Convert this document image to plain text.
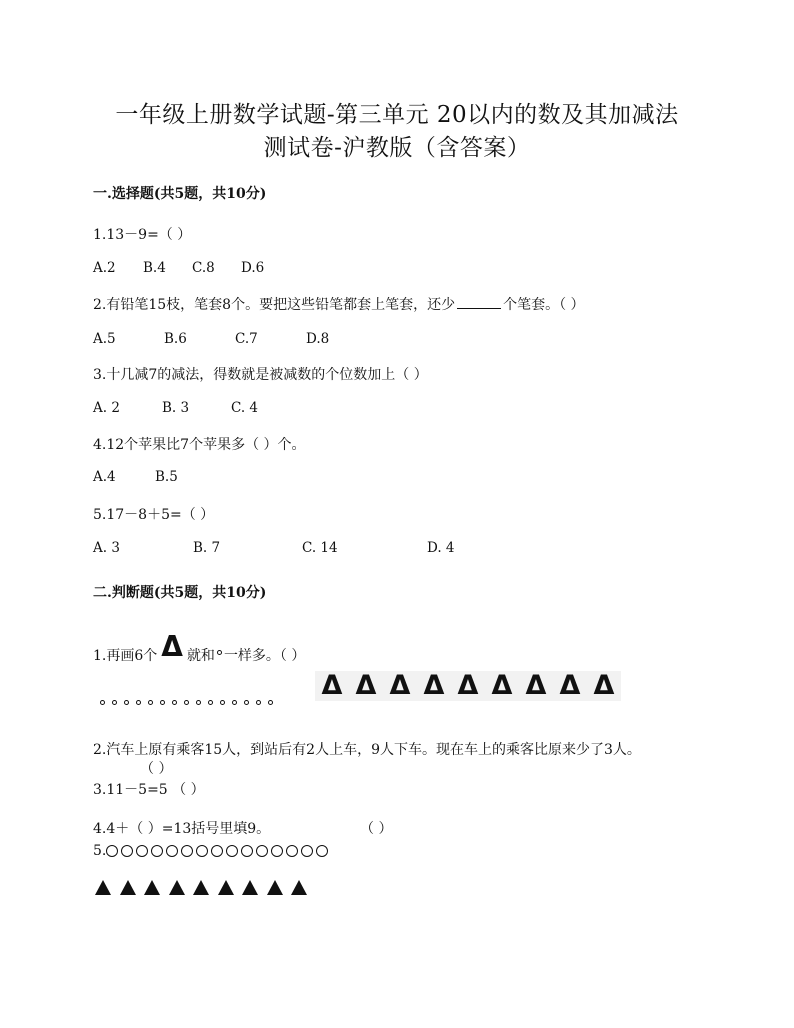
一年级上册数学试题-第三单元 20以内的数及其加减法
测试卷-沪教版（含答案）
一.选择题(共5题，共10分)
1.13－9=（ ）
A.2 B.4 C.8 D.6
2.有铅笔15枝，笔套8个。要把这些铅笔都套上笔套，还少	个笔套。（ ）
A.5	B.6	C.7	D.8
3.十几减7的减法，得数就是被减数的个位数加上（ ）
A. 2	B. 3	C. 4
4.12个苹果比7个苹果多（ ）个。
A.4	B.5
5.17－8＋5=（ ）
A. 3	B. 7	C. 14	D. 4
二.判断题(共5题，共10分)
1.再画6个 Δ 就和 一样多。（ ）
Δ Δ Δ Δ Δ Δ Δ Δ Δ
2.汽车上原有乘客15人，到站后有2人上车，9人下车。现在车上的乘客比原来少了3人。
（ ）
3.11－5=5 （ ）
4.4＋（ ）=13括号里填9。	（ ）
5.
